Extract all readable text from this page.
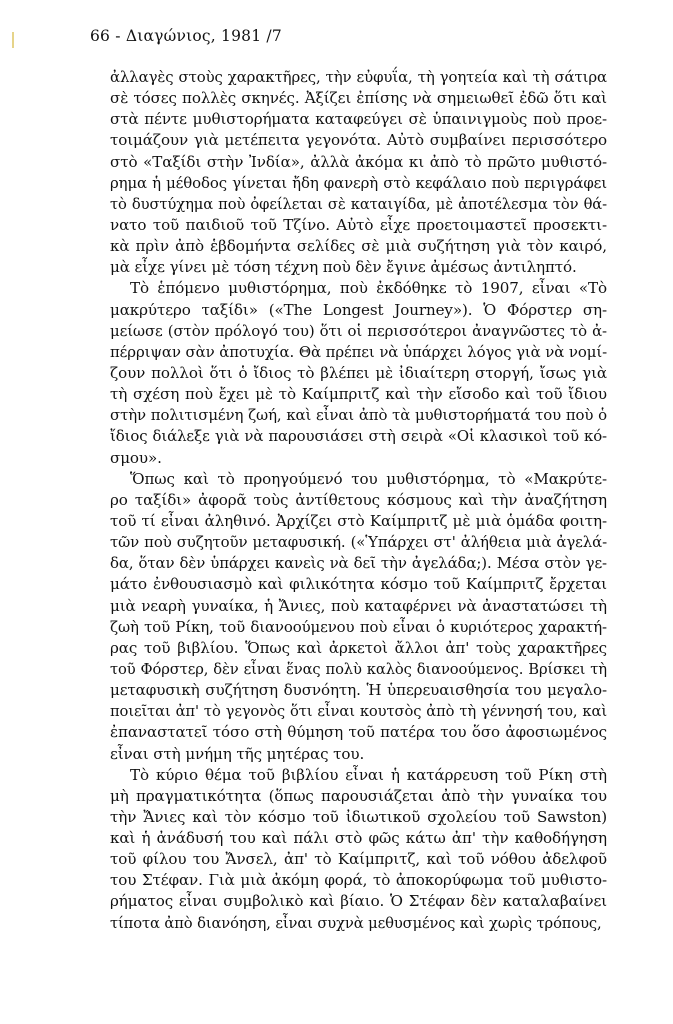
66 - Διαγώνιος, 1981 /7
ἀλλαγὲς στοὺς χαρακτῆρες, τὴν εὐφυΐα, τὴ γοητεία καὶ τὴ σάτιρα
σὲ τόσες πολλὲς σκηνές. Ἀξίζει ἐπίσης νὰ σημειωθεῖ ἐδῶ ὅτι καὶ
στὰ πέντε μυθιστορήματα καταφεύγει σὲ ὑπαινιγμοὺς ποὺ προε-
τοιμάζουν γιὰ μετέπειτα γεγονότα. Αὐτὸ συμβαίνει περισσότερο
στὸ «Ταξίδι στὴν Ἰνδία», ἀλλὰ ἀκόμα κι ἀπὸ τὸ πρῶτο μυθιστό-
ρημα ἡ μέθοδος γίνεται ἤδη φανερὴ στὸ κεφάλαιο ποὺ περιγράφει
τὸ δυστύχημα ποὺ ὀφείλεται σὲ καταιγίδα, μὲ ἀποτέλεσμα τὸν θά-
νατο τοῦ παιδιοῦ τοῦ Τζίνο. Αὐτὸ εἶχε προετοιμαστεῖ προσεκτι-
κὰ πρὶν ἀπὸ ἑβδομήντα σελίδες σὲ μιὰ συζήτηση γιὰ τὸν καιρό,
μὰ εἶχε γίνει μὲ τόση τέχνη ποὺ δὲν ἔγινε ἀμέσως ἀντιληπτό.
Τὸ ἑπόμενο μυθιστόρημα, ποὺ ἐκδόθηκε τὸ 1907, εἶναι «Τὸ
μακρύτερο ταξίδι» («The Longest Journey»). Ὁ Φόρστερ ση-
μείωσε (στὸν πρόλογό του) ὅτι οἱ περισσότεροι ἀναγνῶστες τὸ ἀ-
πέρριψαν σὰν ἀποτυχία. Θὰ πρέπει νὰ ὑπάρχει λόγος γιὰ νὰ νομί-
ζουν πολλοὶ ὅτι ὁ ἴδιος τὸ βλέπει μὲ ἰδιαίτερη στοργή, ἴσως γιὰ
τὴ σχέση ποὺ ἔχει μὲ τὸ Καίμπριτζ καὶ τὴν εἴσοδο καὶ τοῦ ἴδιου
στὴν πολιτισμένη ζωή, καὶ εἶναι ἀπὸ τὰ μυθιστορήματά του ποὺ ὁ
ἴδιος διάλεξε γιὰ νὰ παρουσιάσει στὴ σειρὰ «Οἱ κλασικοὶ τοῦ κό-
σμου».
Ὅπως καὶ τὸ προηγούμενό του μυθιστόρημα, τὸ «Μακρύτε-
ρο ταξίδι» ἀφορᾶ τοὺς ἀντίθετους κόσμους καὶ τὴν ἀναζήτηση
τοῦ τί εἶναι ἀληθινό. Ἀρχίζει στὸ Καίμπριτζ μὲ μιὰ ὁμάδα φοιτη-
τῶν ποὺ συζητοῦν μεταφυσική. («Ὑπάρχει στ' ἀλήθεια μιὰ ἀγελά-
δα, ὅταν δὲν ὑπάρχει κανεὶς νὰ δεῖ τὴν ἀγελάδα;). Μέσα στὸν γε-
μάτο ἐνθουσιασμὸ καὶ φιλικότητα κόσμο τοῦ Καίμπριτζ ἔρχεται
μιὰ νεαρὴ γυναίκα, ἡ Ἄνιες, ποὺ καταφέρνει νὰ ἀναστατώσει τὴ
ζωὴ τοῦ Ρίκη, τοῦ διανοούμενου ποὺ εἶναι ὁ κυριότερος χαρακτή-
ρας τοῦ βιβλίου. Ὅπως καὶ ἀρκετοὶ ἄλλοι ἀπ' τοὺς χαρακτῆρες
τοῦ Φόρστερ, δὲν εἶναι ἕνας πολὺ καλὸς διανοούμενος. Βρίσκει τὴ
μεταφυσικὴ συζήτηση δυσνόητη. Ἡ ὑπερευαισθησία του μεγαλο-
ποιεῖται ἀπ' τὸ γεγονὸς ὅτι εἶναι κουτσὸς ἀπὸ τὴ γέννησή του, καὶ
ἐπαναστατεῖ τόσο στὴ θύμηση τοῦ πατέρα του ὅσο ἀφοσιωμένος
εἶναι στὴ μνήμη τῆς μητέρας του.
Τὸ κύριο θέμα τοῦ βιβλίου εἶναι ἡ κατάρρευση τοῦ Ρίκη στὴ
μὴ πραγματικότητα (ὅπως παρουσιάζεται ἀπὸ τὴν γυναίκα του
τὴν Ἄνιες καὶ τὸν κόσμο τοῦ ἰδιωτικοῦ σχολείου τοῦ Sawston)
καὶ ἡ ἀνάδυσή του καὶ πάλι στὸ φῶς κάτω ἀπ' τὴν καθοδήγηση
τοῦ φίλου του Ἄνσελ, ἀπ' τὸ Καίμπριτζ, καὶ τοῦ νόθου ἀδελφοῦ
του Στέφαν. Γιὰ μιὰ ἀκόμη φορά, τὸ ἀποκορύφωμα τοῦ μυθιστο-
ρήματος εἶναι συμβολικὸ καὶ βίαιο. Ὁ Στέφαν δὲν καταλαβαίνει
τίποτα ἀπὸ διανόηση, εἶναι συχνὰ μεθυσμένος καὶ χωρὶς τρόπους,
